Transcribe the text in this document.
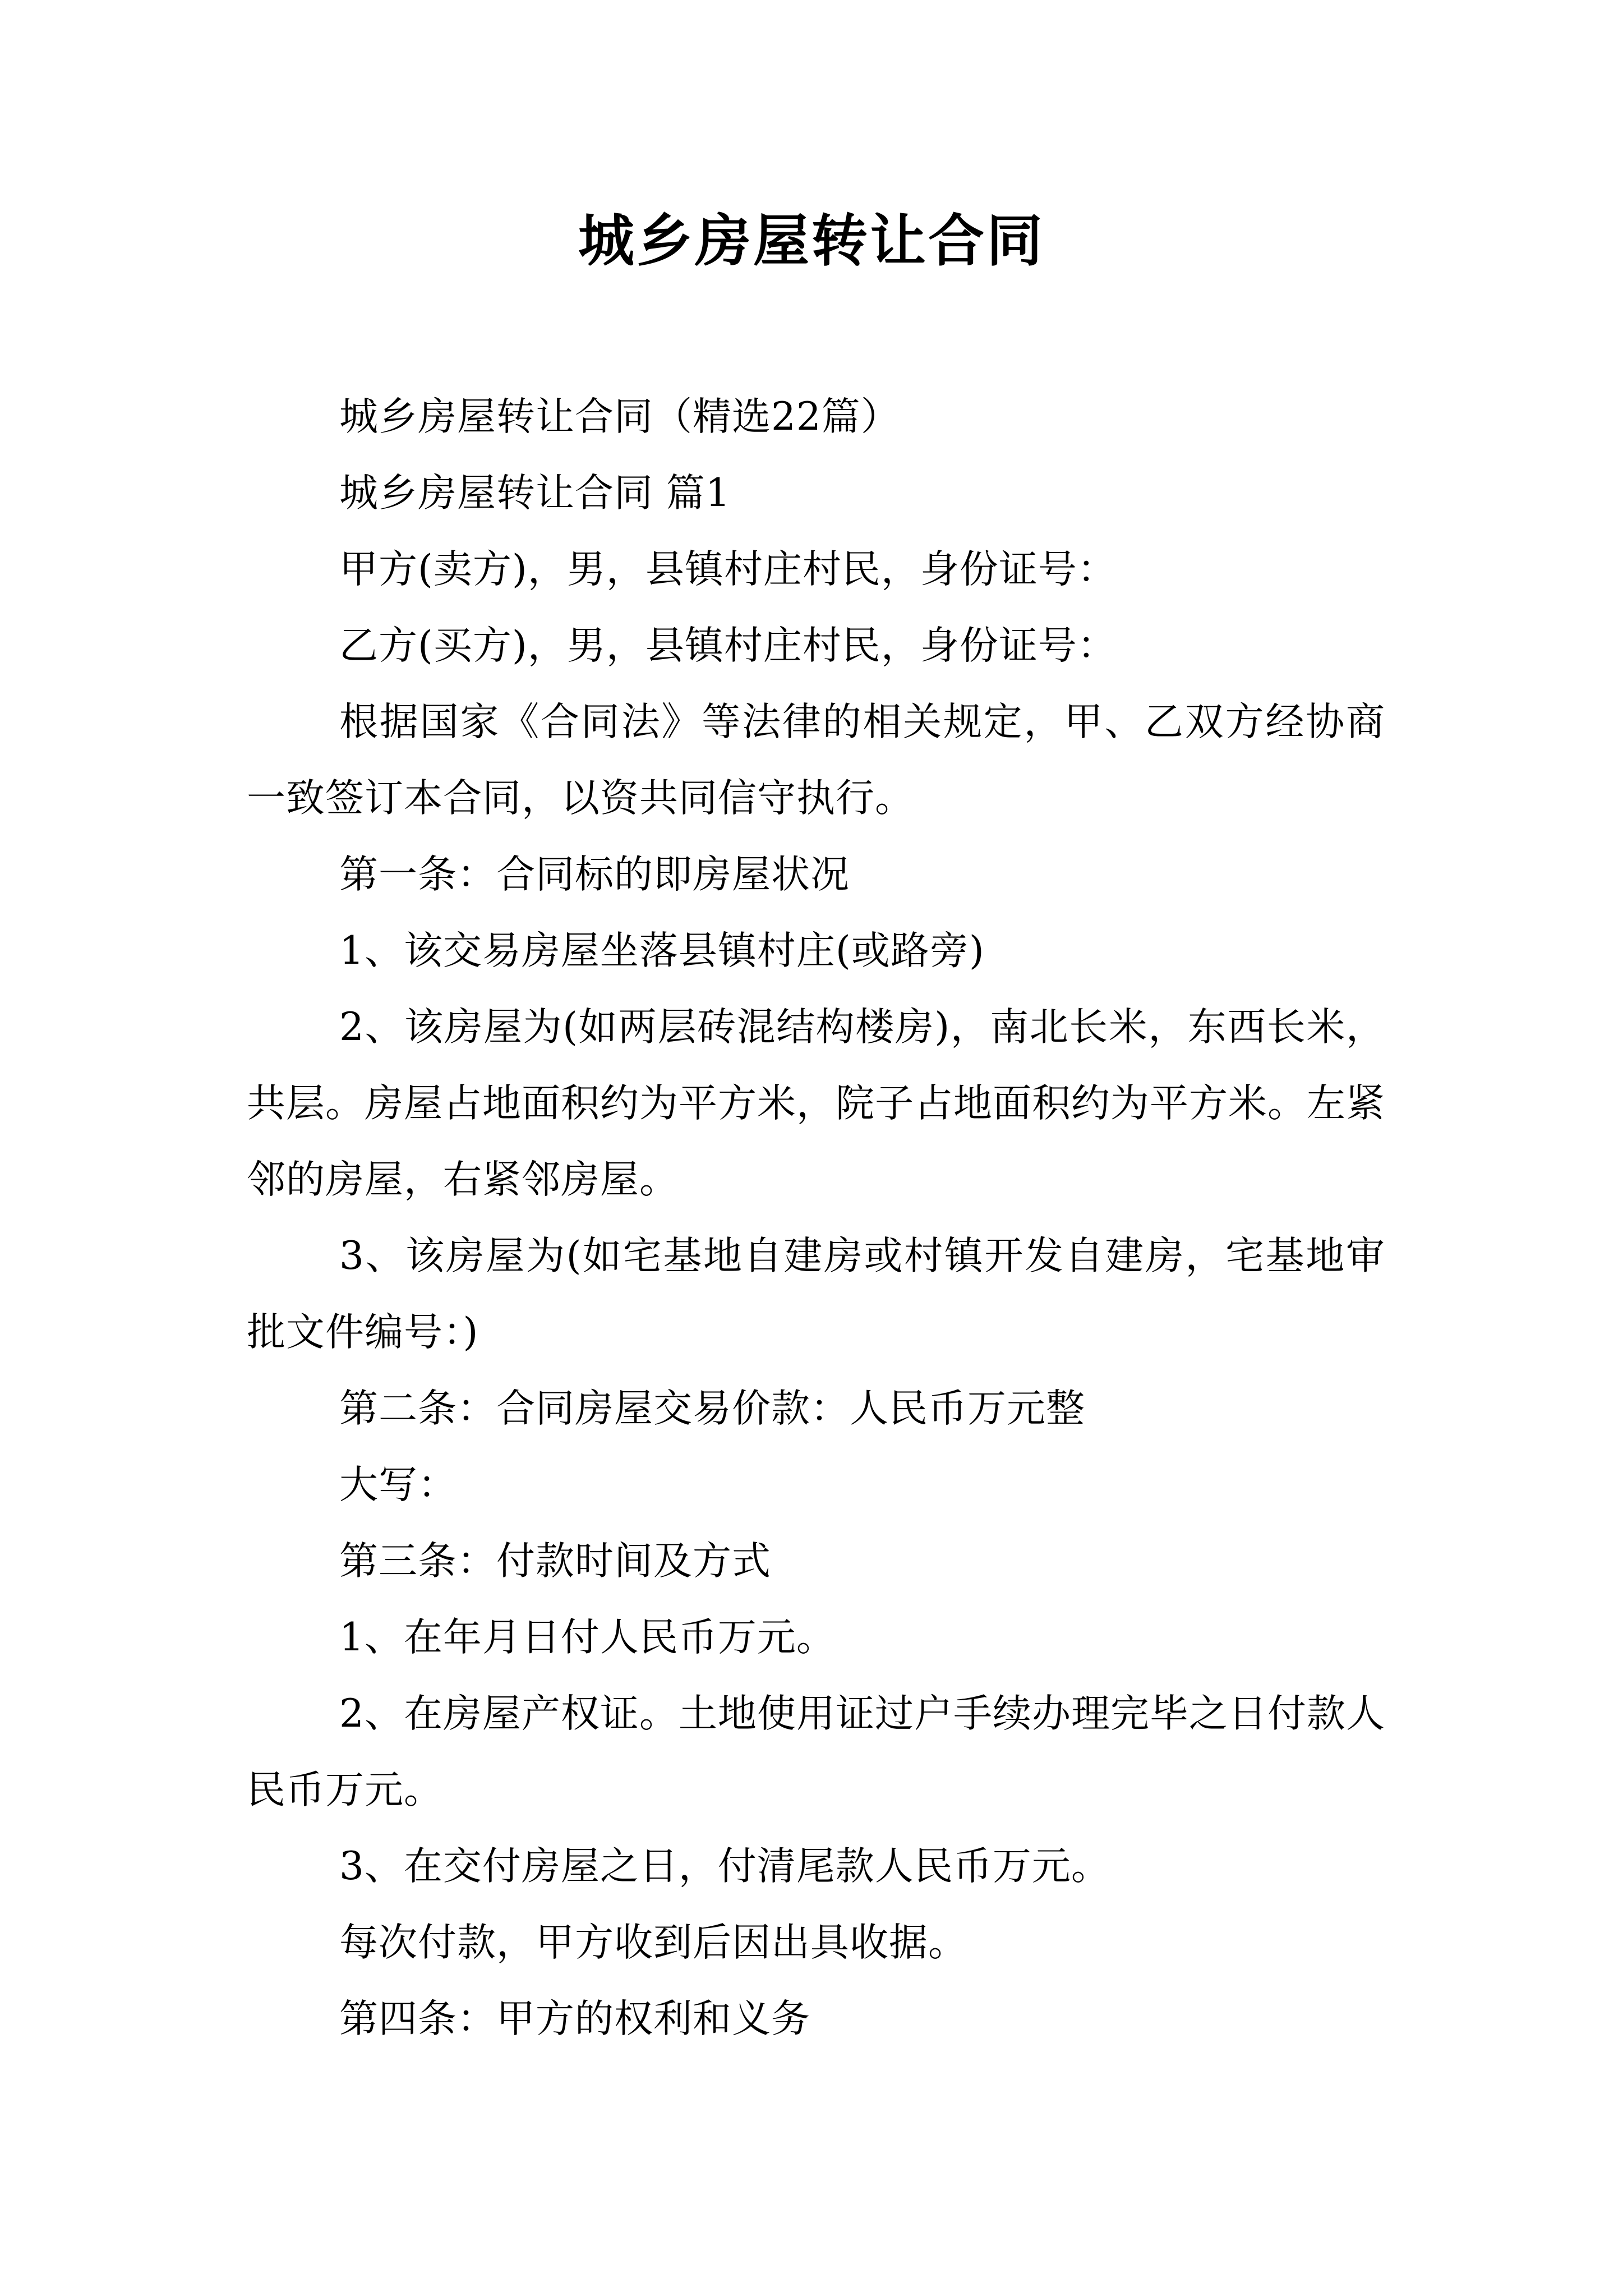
城乡房屋转让合同

城乡房屋转让合同（精选22篇）

城乡房屋转让合同 篇1

甲方(卖方)，男，县镇村庄村民，身份证号：

乙方(买方)，男，县镇村庄村民，身份证号：

根据国家《合同法》等法律的相关规定，甲、乙双方经协商一致签订本合同，以资共同信守执行。

第一条：合同标的即房屋状况

1、该交易房屋坐落县镇村庄(或路旁)

2、该房屋为(如两层砖混结构楼房)，南北长米，东西长米，共层。房屋占地面积约为平方米，院子占地面积约为平方米。左紧邻的房屋，右紧邻房屋。

3、该房屋为(如宅基地自建房或村镇开发自建房，宅基地审批文件编号：)

第二条：合同房屋交易价款：人民币万元整

大写：

第三条：付款时间及方式

1、在年月日付人民币万元。

2、在房屋产权证。土地使用证过户手续办理完毕之日付款人民币万元。

3、在交付房屋之日，付清尾款人民币万元。

每次付款，甲方收到后因出具收据。

第四条：甲方的权利和义务
